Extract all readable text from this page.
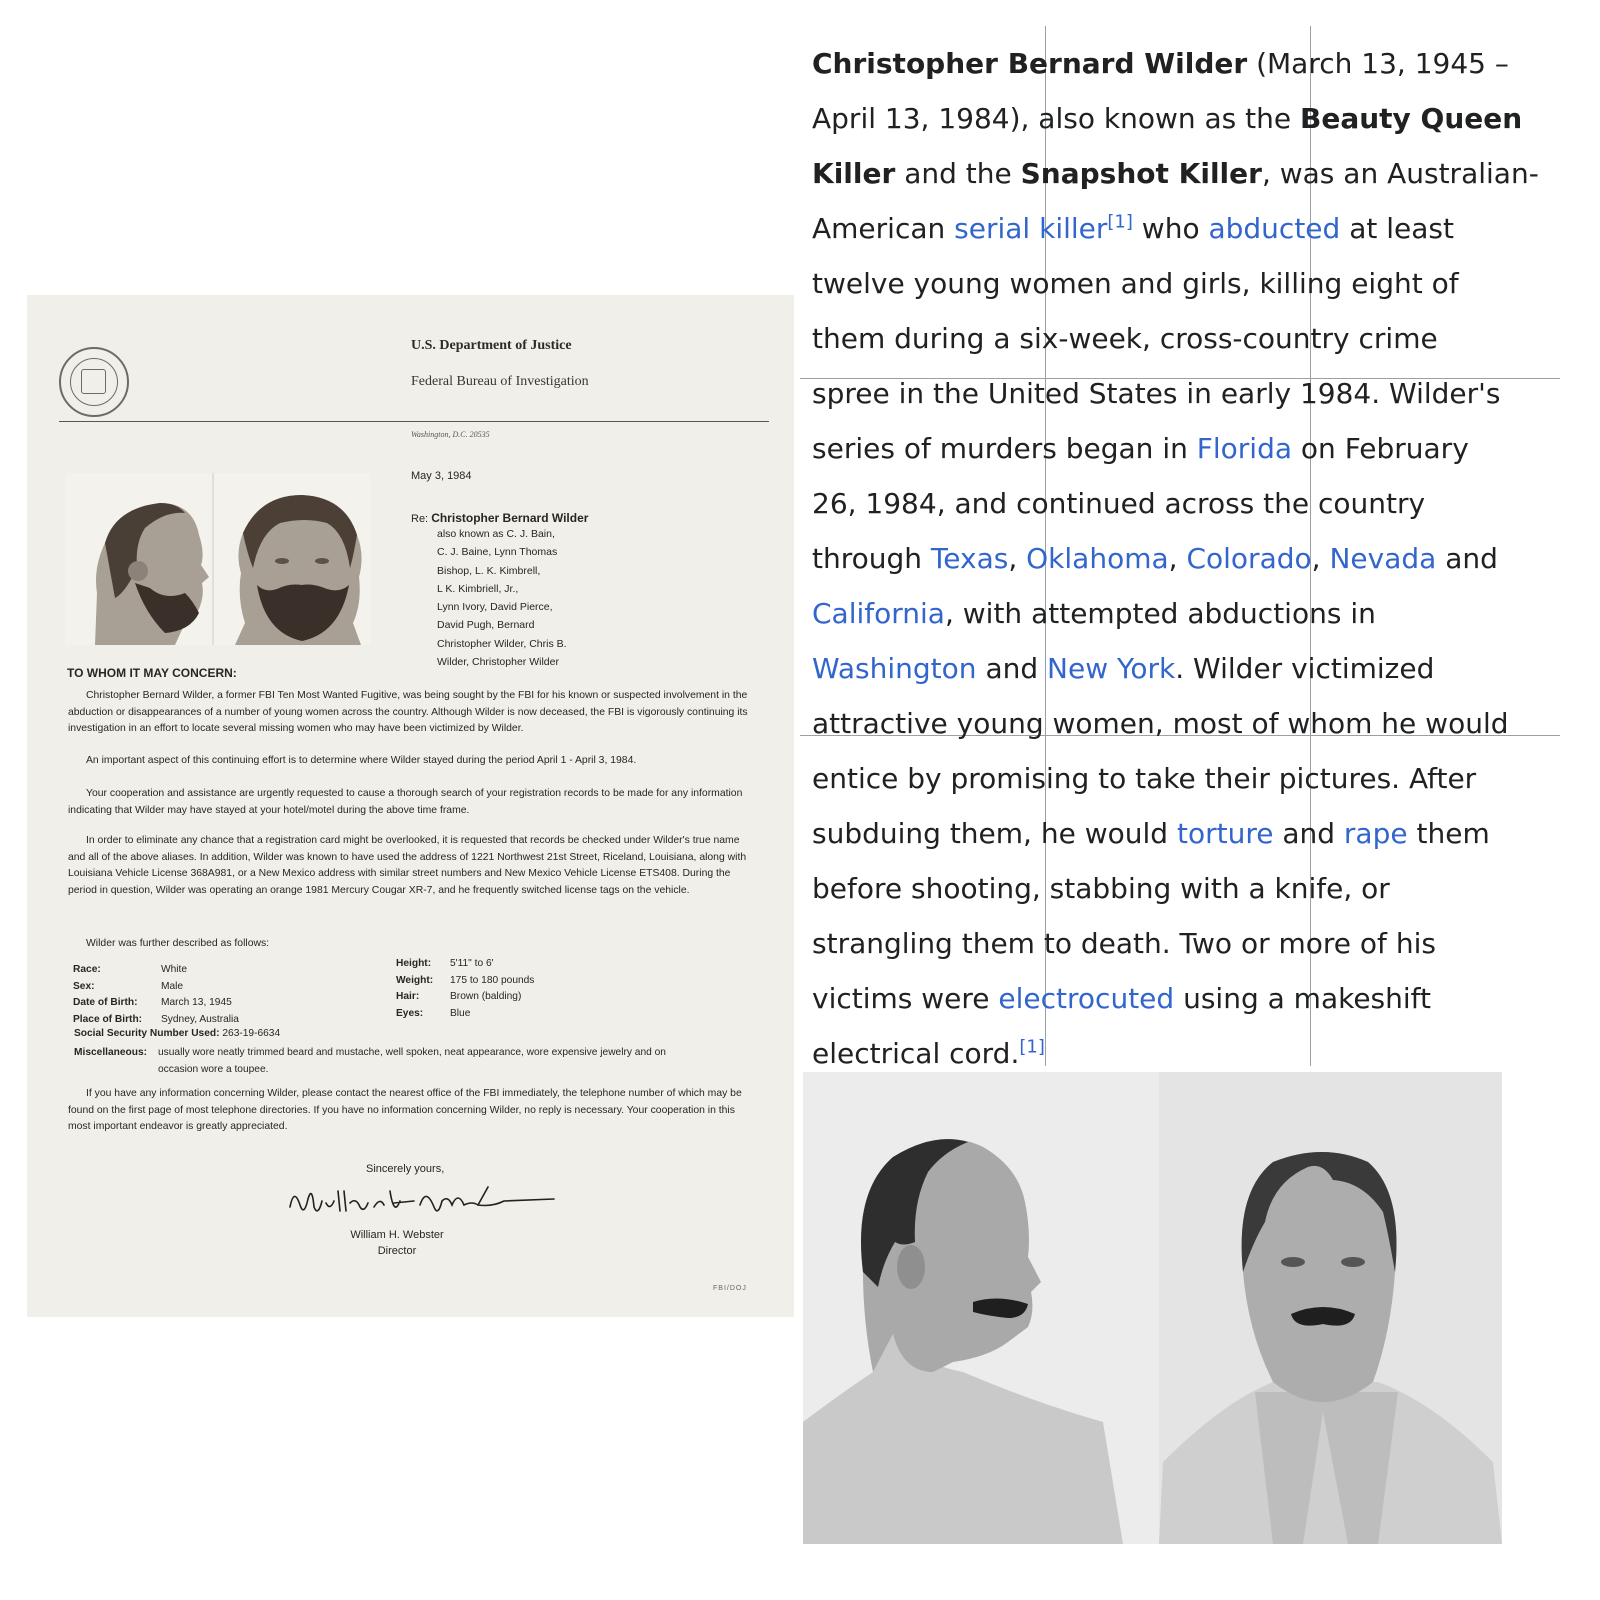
U.S. Department of Justice
Federal Bureau of Investigation
Washington, D.C. 20535
May 3, 1984
Re: Christopher Bernard Wilder
also known as C. J. Bain,
C. J. Baine, Lynn Thomas
Bishop, L. K. Kimbrell,
L K. Kimbriell, Jr.,
Lynn Ivory, David Pierce,
David Pugh, Bernard
Christopher Wilder, Chris B.
Wilder, Christopher Wilder
TO WHOM IT MAY CONCERN:
Christopher Bernard Wilder, a former FBI Ten Most Wanted Fugitive, was being sought by the FBI for his known or suspected involvement in the abduction or disappearances of a number of young women across the country. Although Wilder is now deceased, the FBI is vigorously continuing its investigation in an effort to locate several missing women who may have been victimized by Wilder.
An important aspect of this continuing effort is to determine where Wilder stayed during the period April 1 - April 3, 1984.
Your cooperation and assistance are urgently requested to cause a thorough search of your registration records to be made for any information indicating that Wilder may have stayed at your hotel/motel during the above time frame.
In order to eliminate any chance that a registration card might be overlooked, it is requested that records be checked under Wilder's true name and all of the above aliases. In addition, Wilder was known to have used the address of 1221 Northwest 21st Street, Riceland, Louisiana, along with Louisiana Vehicle License 368A981, or a New Mexico address with similar street numbers and New Mexico Vehicle License ETS408. During the period in question, Wilder was operating an orange 1981 Mercury Cougar XR-7, and he frequently switched license tags on the vehicle.
Wilder was further described as follows:
Race:	White
Sex:	Male
Date of Birth: March 13, 1945
Place of Birth: Sydney, Australia
Height: 5'11" to 6'
Weight: 175 to 180 pounds
Hair:	Brown (balding)
Eyes:	Blue
Social Security Number Used: 263-19-6634
Miscellaneous: usually wore neatly trimmed beard and mustache, well spoken, neat appearance, wore expensive jewelry and on
occasion wore a toupee.
If you have any information concerning Wilder, please contact the nearest office of the FBI immediately, the telephone number of which may be found on the first page of most telephone directories. If you have no information concerning Wilder, no reply is necessary. Your cooperation in this most important endeavor is greatly appreciated.
Sincerely yours,
William H. Webster
Director
FBI/DOJ
Christopher Bernard Wilder (March 13, 1945 –
April 13, 1984), also known as the Beauty Queen
Killer and the Snapshot Killer, was an Australian-
American serial killer[1] who abducted at least
twelve young women and girls, killing eight of
them during a six-week, cross-country crime
spree in the United States in early 1984. Wilder's
series of murders began in Florida on February
26, 1984, and continued across the country
through Texas, Oklahoma, Colorado, Nevada and
California, with attempted abductions in
Washington and New York. Wilder victimized
attractive young women, most of whom he would
entice by promising to take their pictures. After
subduing them, he would torture and rape them
before shooting, stabbing with a knife, or
strangling them to death. Two or more of his
victims were electrocuted using a makeshift
electrical cord.[1]
